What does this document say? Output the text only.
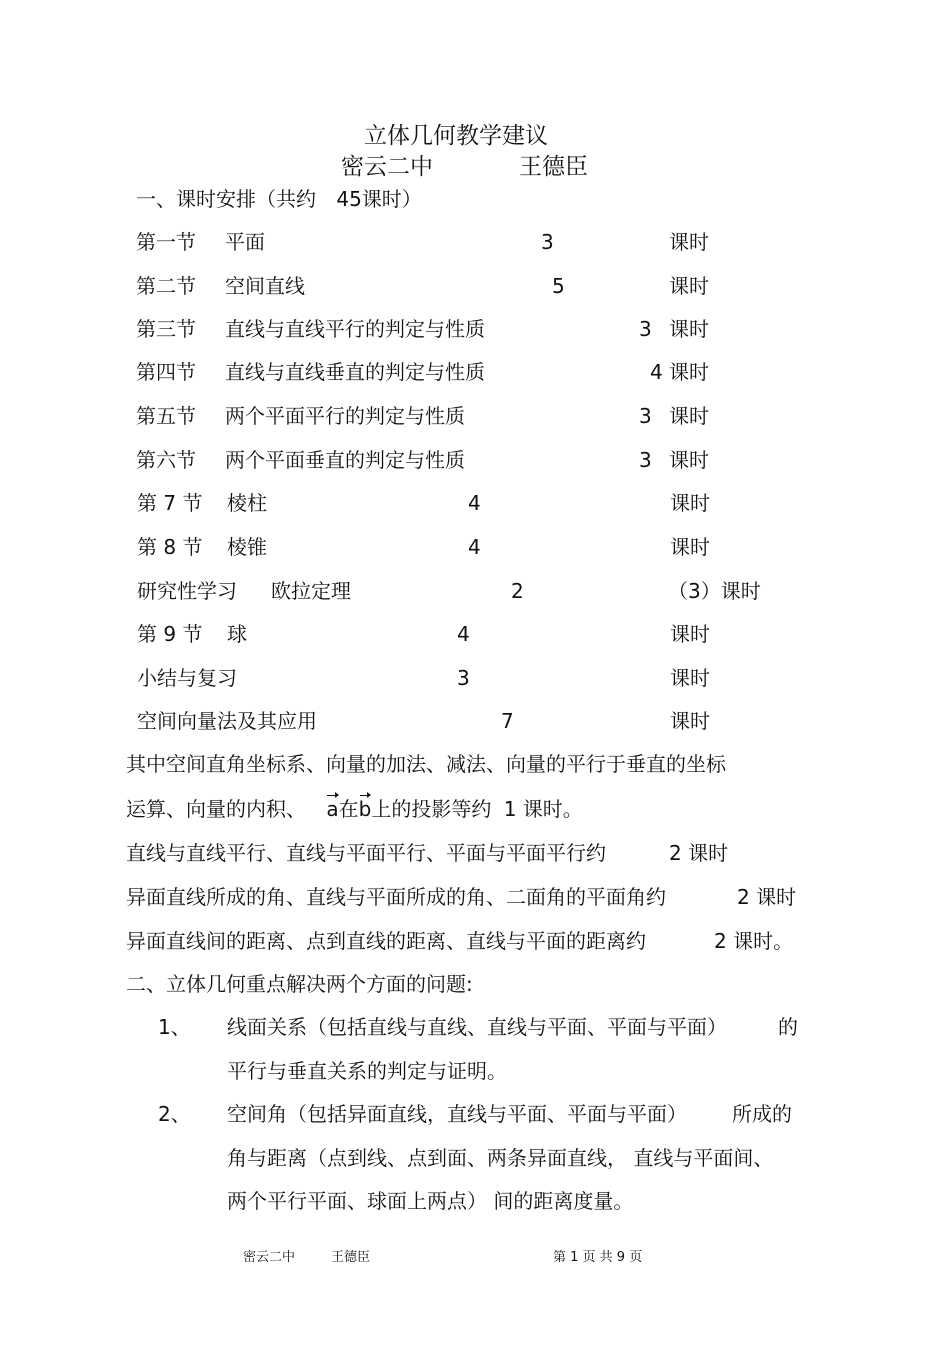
立体几何教学建议
密云二中	王德臣
一、课时安排（共约 45课时）
第一节 平面	3	课时
第二节 空间直线	5	课时
第三节 直线与直线平行的判定与性质	3 课时
第四节 直线与直线垂直的判定与性质	4 课时
第五节 两个平面平行的判定与性质	3 课时
第六节 两个平面垂直的判定与性质	3 课时
第 7 节 棱柱	4	课时
第 8 节 棱锥	4	课时
研究性学习 欧拉定理	2	（3）课时
第 9 节 球	4	课时
小结与复习	3	课时
空间向量法及其应用	7	课时
其中空间直角坐标系、向量的加法、减法、向量的平行于垂直的坐标
运算、向量的内积、 a在b上的投影等约 1 课时。
直线与直线平行、直线与平面平行、平面与平面平行约	2 课时
异面直线所成的角、直线与平面所成的角、二面角的平面角约	2 课时
异面直线间的距离、点到直线的距离、直线与平面的距离约	2 课时。
二、立体几何重点解决两个方面的问题:
1、 线面关系（包括直线与直线、直线与平面、平面与平面）	的
平行与垂直关系的判定与证明。
2、 空间角（包括异面直线，直线与平面、平面与平面） 所成的
角与距离（点到线、点到面、两条异面直线， 直线与平面间、
两个平行平面、球面上两点） 间的距离度量。
密云二中	王德臣	第 1 页 共 9 页
